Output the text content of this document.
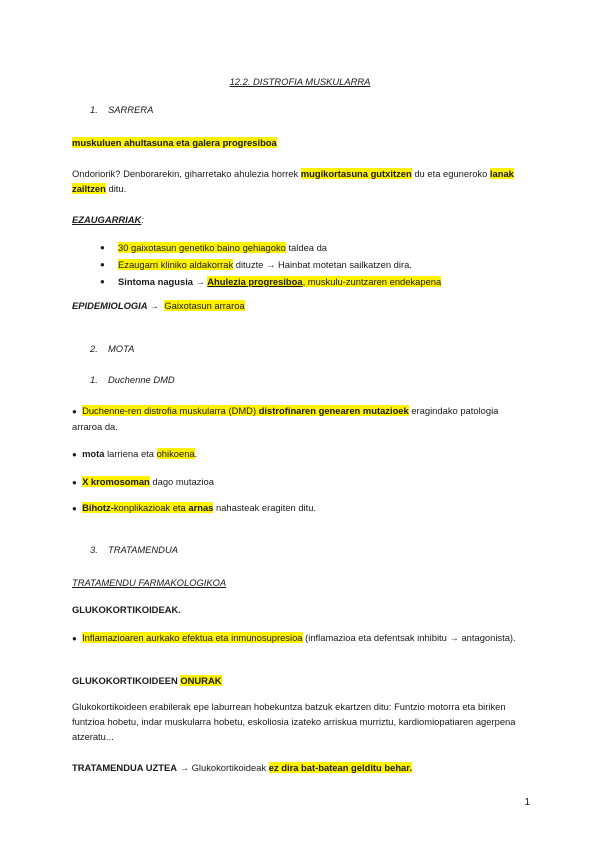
12.2. DISTROFIA MUSKULARRA
1. SARRERA
muskuluen ahultasuna eta galera progresiboa
Ondoriorik? Denborarekin, giharretako ahulezia horrek mugikortasuna gutxitzen du eta eguneroko lanak zailtzen ditu.
EZAUGARRIAK:
● 30 gaixotasun genetiko baino gehiagoko taldea da
● Ezaugarri kliniko aldakorrak dituzte → Hainbat motetan sailkatzen dira.
● Sintoma nagusia → Ahulezia progresiboa, muskulu-zuntzaren endekapena
EPIDEMIOLOGIA → Gaixotasun arraroa
2. MOTA
1. Duchenne DMD
● Duchenne-ren distrofia muskularra (DMD) distrofinaren genearen mutazioek eragindako patologia arraroa da.
● mota larriena eta ohikoena.
● X kromosoman dago mutazioa
● Bihotz-konplikazioak eta arnas nahasteak eragiten ditu.
3. TRATAMENDUA
TRATAMENDU FARMAKOLOGIKOA
GLUKOKORTIKOIDEAK.
● Inflamazioaren aurkako efektua eta inmunosupresioa (inflamazioa eta defentsak inhibitu → antagonista).
GLUKOKORTIKOIDEEN ONURAK
Glukokortikoideen erabilerak epe laburrean hobekuntza batzuk ekartzen ditu: Funtzio motorra eta biriken funtzioa hobetu, indar muskularra hobetu, eskoliosia izateko arriskua murriztu, kardiomiopatiaren agerpena atzeratu...
TRATAMENDUA UZTEA → Glukokortikoideak ez dira bat-batean gelditu behar.
1
